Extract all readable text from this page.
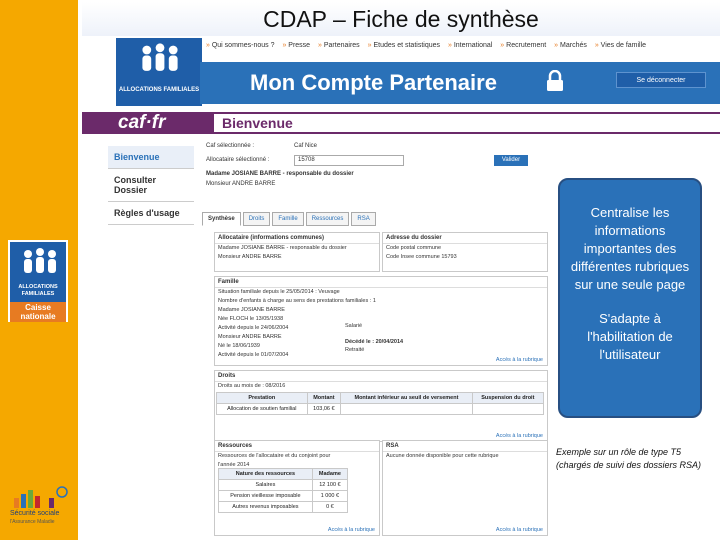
ALLOCATIONS FAMILIALES
Caisse nationale
Sécurité sociale
l'Assurance Maladie
CDAP – Fiche de synthèse
ALLOCATIONS FAMILIALES
» Qui sommes-nous ? » Presse » Partenaires » Etudes et statistiques » International » Recrutement » Marchés » Vies de famille
Mon Compte Partenaire	Se déconnecter
caf·fr	Bienvenue
Bienvenue
Consulter Dossier
Règles d'usage
Caf sélectionnée :	Caf Nice
Allocataire sélectionné :	15708	Valider
Madame JOSIANE BARRE - responsable du dossier
Monsieur ANDRE BARRE
Synthèse Droits Famille Ressources RSA
Allocataire (informations communes)
Madame JOSIANE BARRE - responsable du dossier
Monsieur ANDRE BARRE
Adresse du dossier
Code postal commune
Code Insee commune 15793
Famille
Situation familiale depuis le 25/05/2014 : Veuvage
Nombre d'enfants à charge au sens des prestations familiales : 1
Madame JOSIANE BARRE
Née FLOCH le 13/05/1938
Activité depuis le 24/06/2004
Monsieur ANDRE BARRE
Né le 18/06/1939
Activité depuis le 01/07/2004
Salarié
Décédé le : 20/04/2014
Retraité
Accès à la rubrique
Droits
Droits au mois de : 08/2016
Accès à la rubrique
Prestation	Montant	Montant inférieur au seuil de versement	Suspension du droit
Allocation de soutien familial	103,06 €		
Ressources
Ressources de l'allocataire et du conjoint pour
l'année 2014
Accès à la rubrique
Nature des ressources	Madame
Salaires	12 100 €
Pension vieillesse imposable	1 000 €
Autres revenus imposables	0 €
RSA
Aucune donnée disponible pour cette rubrique
Accès à la rubrique

Centralise les informations importantes des différentes rubriques sur une seule page

S'adapte à l'habilitation de l'utilisateur

Exemple sur un rôle de type T5 (chargés de suivi des dossiers RSA)
